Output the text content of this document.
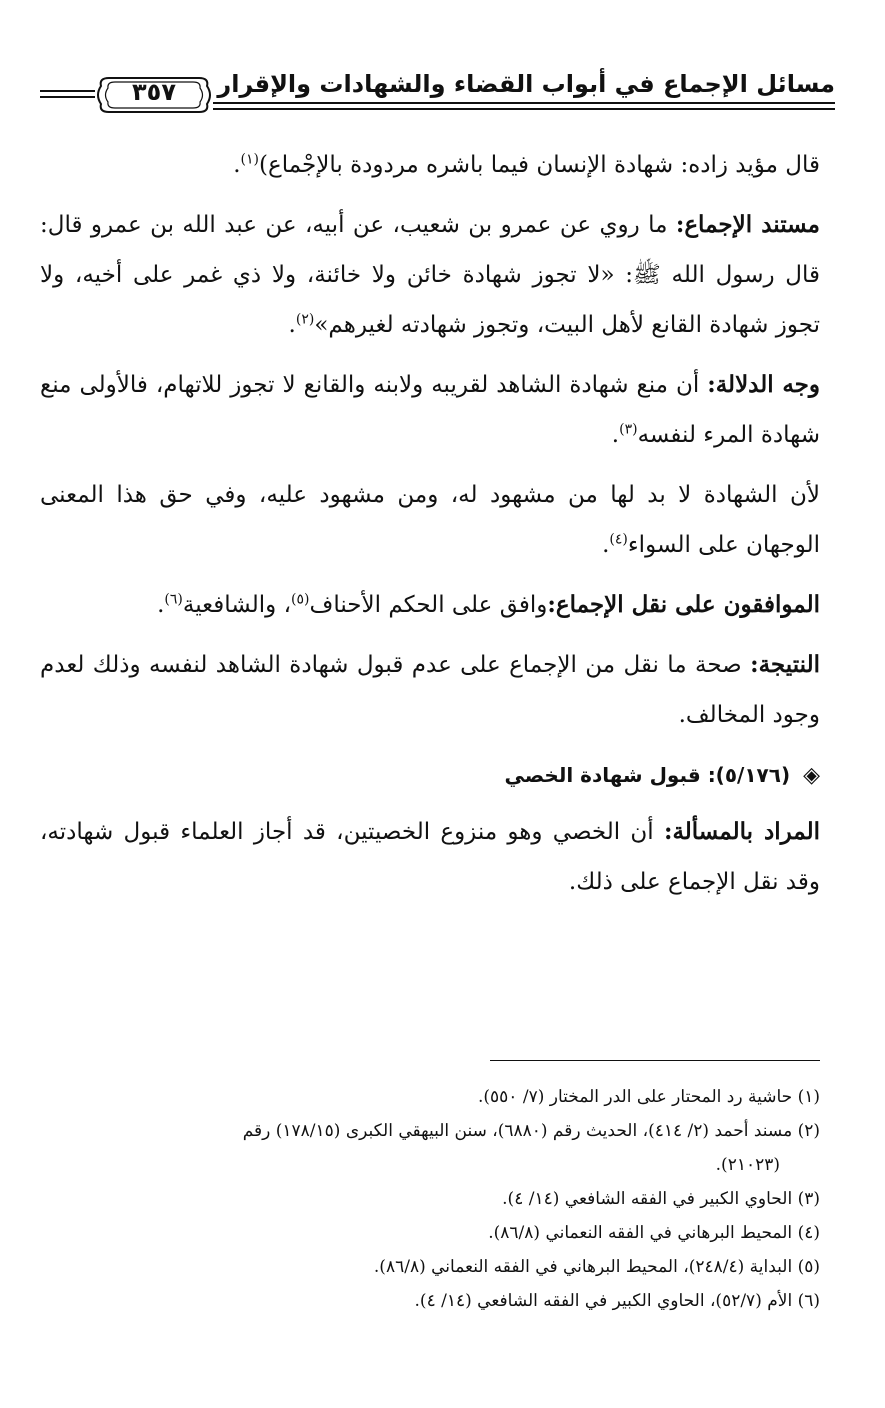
مسائل الإجماع في أبواب القضاء والشهادات والإقرار
٣٥٧

قال مؤيد زاده: شهادة الإنسان فيما باشره مردودة بالإجْماع)$^{(١)}$.

مستند الإجماع: ما روي عن عمرو بن شعيب، عن أبيه، عن عبد الله بن عمرو قال: قال رسول الله ﷺ: «لا تجوز شهادة خائن ولا خائنة، ولا ذي غمر على أخيه، ولا تجوز شهادة القانع لأهل البيت، وتجوز شهادته لغيرهم»$^{(٢)}$.

وجه الدلالة: أن منع شهادة الشاهد لقريبه ولابنه والقانع لا تجوز للاتهام، فالأولى منع شهادة المرء لنفسه$^{(٣)}$.

لأن الشهادة لا بد لها من مشهود له، ومن مشهود عليه، وفي حق هذا المعنى الوجهان على السواء$^{(٤)}$.

الموافقون على نقل الإجماع:وافق على الحكم الأحناف$^{(٥)}$، والشافعية$^{(٦)}$.

النتيجة: صحة ما نقل من الإجماع على عدم قبول شهادة الشاهد لنفسه وذلك لعدم وجود المخالف.

◈ (٥/١٧٦): قبول شهادة الخصي

المراد بالمسألة: أن الخصي وهو منزوع الخصيتين، قد أجاز العلماء قبول شهادته، وقد نقل الإجماع على ذلك.

(١) حاشية رد المحتار على الدر المختار (٧/ ٥٥٠).

(٢) مسند أحمد (٢/ ٤١٤)، الحديث رقم (٦٨٨٠)، سنن البيهقي الكبرى (١٧٨/١٥) رقم
(٢١٠٢٣).

(٣) الحاوي الكبير في الفقه الشافعي (١٤/ ٤).

(٤) المحيط البرهاني في الفقه النعماني (٨٦/٨).

(٥) البداية (٢٤٨/٤)، المحيط البرهاني في الفقه النعماني (٨٦/٨).

(٦) الأم (٥٢/٧)، الحاوي الكبير في الفقه الشافعي (١٤/ ٤).
